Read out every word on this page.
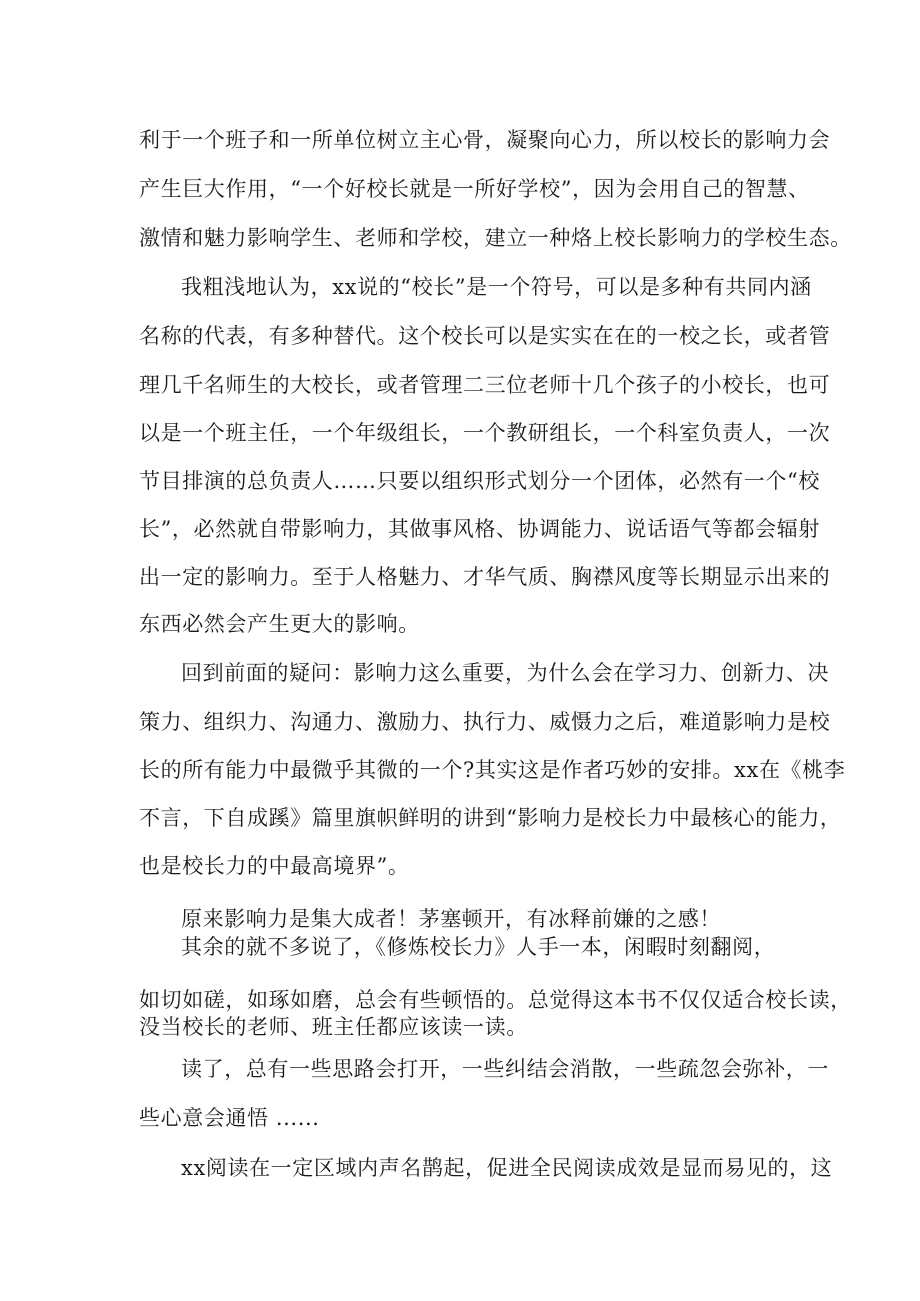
利于一个班子和一所单位树立主心骨，凝聚向心力，所以校长的影响力会
产生巨大作用，“一个好校长就是一所好学校”，因为会用自己的智慧、
激情和魅力影响学生、老师和学校，建立一种烙上校长影响力的学校生态。
我粗浅地认为，xx说的“校长”是一个符号，可以是多种有共同内涵
名称的代表，有多种替代。这个校长可以是实实在在的一校之长，或者管
理几千名师生的大校长，或者管理二三位老师十几个孩子的小校长，也可
以是一个班主任，一个年级组长，一个教研组长，一个科室负责人，一次
节目排演的总负责人……只要以组织形式划分一个团体，必然有一个“校
长”，必然就自带影响力，其做事风格、协调能力、说话语气等都会辐射
出一定的影响力。至于人格魅力、才华气质、胸襟风度等长期显示出来的
东西必然会产生更大的影响。
回到前面的疑问：影响力这么重要，为什么会在学习力、创新力、决
策力、组织力、沟通力、激励力、执行力、威慑力之后，难道影响力是校
长的所有能力中最微乎其微的一个?其实这是作者巧妙的安排。xx在《桃李
不言，下自成蹊》篇里旗帜鲜明的讲到“影响力是校长力中最核心的能力，
也是校长力的中最高境界”。
原来影响力是集大成者！茅塞顿开，有冰释前嫌的之感！
其余的就不多说了，《修炼校长力》人手一本，闲暇时刻翻阅，
如切如磋，如琢如磨，总会有些顿悟的。总觉得这本书不仅仅适合校长读，
没当校长的老师、班主任都应该读一读。
读了，总有一些思路会打开，一些纠结会消散，一些疏忽会弥补，一
些心意会通悟 ......
xx阅读在一定区域内声名鹊起，促进全民阅读成效是显而易见的，这
